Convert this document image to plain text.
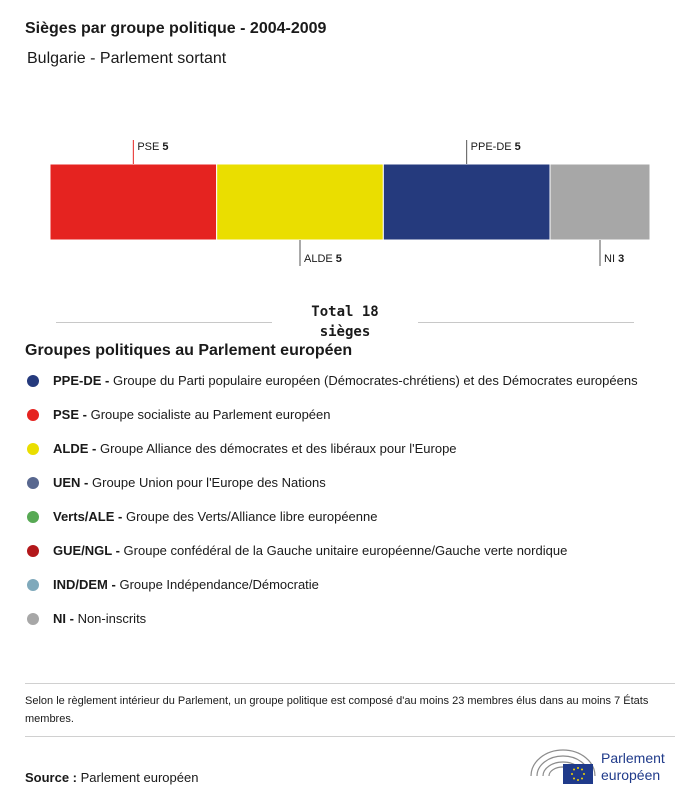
Sièges par groupe politique - 2004-2009
Bulgarie - Parlement sortant
PSE 5
ALDE 5
PPE-DE 5
NI 3
Total 18
sièges
Groupes politiques au Parlement européen
PPE-DE - Groupe du Parti populaire européen (Démocrates-chrétiens) et des Démocrates européens
PSE - Groupe socialiste au Parlement européen
ALDE - Groupe Alliance des démocrates et des libéraux pour l'Europe
UEN - Groupe Union pour l'Europe des Nations
Verts/ALE - Groupe des Verts/Alliance libre européenne
GUE/NGL - Groupe confédéral de la Gauche unitaire européenne/Gauche verte nordique
IND/DEM - Groupe Indépendance/Démocratie
NI - Non-inscrits
Selon le règlement intérieur du Parlement, un groupe politique est composé d'au moins 23 membres élus dans au moins 7 États membres.
Source : Parlement européen
Parlement
européen
